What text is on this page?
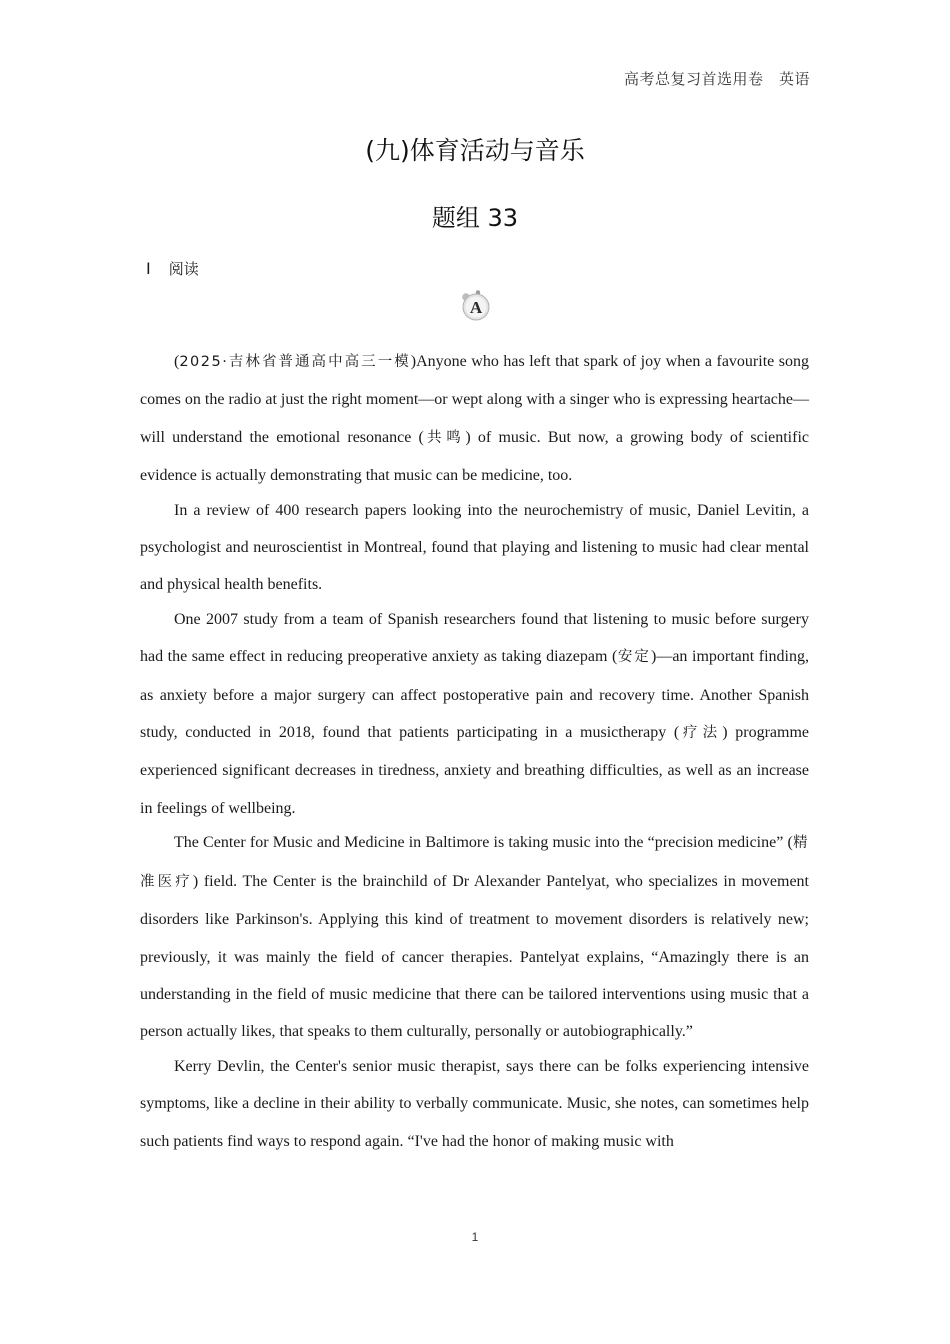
高考总复习首选用卷　 英语
(九)体育活动与音乐
题组 33
Ⅰ 阅读
A

(2025·吉林省普通高中高三一模)Anyone who has left that spark of joy when a favourite song comes on the radio at just the right moment—or wept along with a singer who is expressing heartache—will understand the emotional resonance (共鸣) of music. But now, a growing body of scientific evidence is actually demonstrating that music can be medicine, too.

In a review of 400 research papers looking into the neurochemistry of music, Daniel Levitin, a psychologist and neuroscientist in Montreal, found that playing and listening to music had clear mental and physical health benefits.

One 2007 study from a team of Spanish researchers found that listening to music before surgery had the same effect in reducing preoperative anxiety as taking diazepam (安定)—an important finding, as anxiety before a major surgery can affect postoperative pain and recovery time. Another Spanish study, conducted in 2018, found that patients participating in a musictherapy (疗法) programme experienced significant decreases in tiredness, anxiety and breathing difficulties, as well as an increase in feelings of wellbeing.

The Center for Music and Medicine in Baltimore is taking music into the “precision medicine” (精准医疗) field. The Center is the brainchild of Dr Alexander Pantelyat, who specializes in movement disorders like Parkinson's. Applying this kind of treatment to movement disorders is relatively new; previously, it was mainly the field of cancer therapies. Pantelyat explains, “Amazingly there is an understanding in the field of music medicine that there can be tailored interventions using music that a person actually likes, that speaks to them culturally, personally or autobiographically.”

Kerry Devlin, the Center's senior music therapist, says there can be folks experiencing intensive symptoms, like a decline in their ability to verbally communicate. Music, she notes, can sometimes help such patients find ways to respond again. “I've had the honor of making music with

1
